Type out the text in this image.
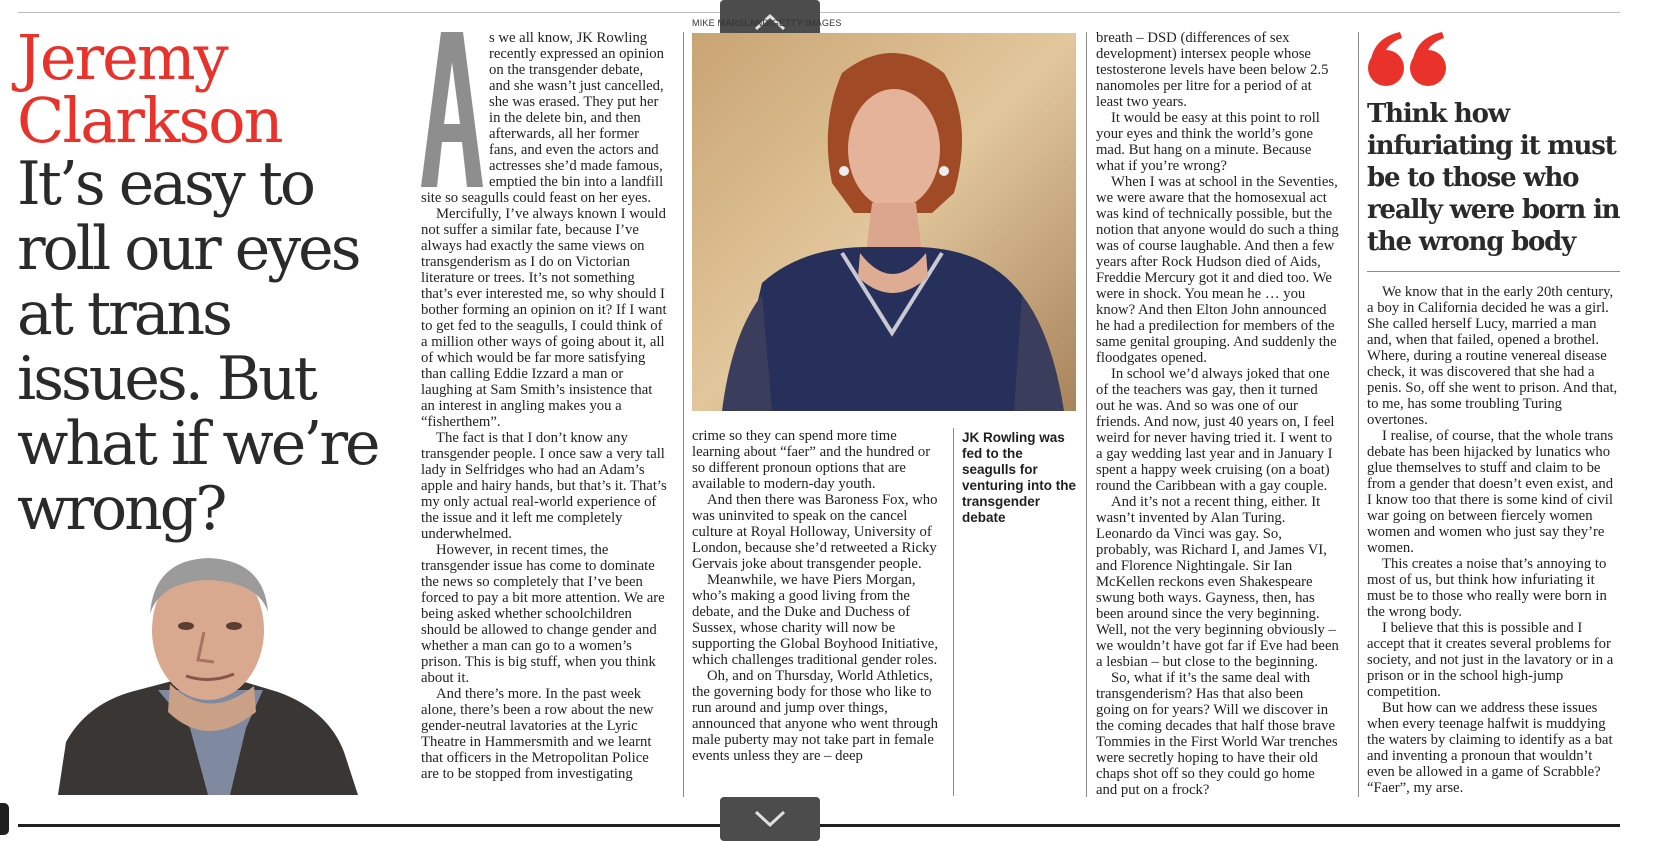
Jeremy
Clarkson
It’s easy to roll our eyes at trans issues. But what if we’re wrong?

s we all know, JK Rowling recently expressed an opinion on the transgender debate, and she wasn’t just cancelled, she was erased. They put her in the delete bin, and then afterwards, all her former fans, and even the actors and actresses she’d made famous, emptied the bin into a landfill site so seagulls could feast on her eyes.

Mercifully, I’ve always known I would not suffer a similar fate, because I’ve always had exactly the same views on transgenderism as I do on Victorian literature or trees. It’s not something that’s ever interested me, so why should I bother forming an opinion on it? If I want to get fed to the seagulls, I could think of a million other ways of going about it, all of which would be far more satisfying than calling Eddie Izzard a man or laughing at Sam Smith’s insistence that an interest in angling makes you a “fisherthem”.

The fact is that I don’t know any transgender people. I once saw a very tall lady in Selfridges who had an Adam’s apple and hairy hands, but that’s it. That’s my only actual real-world experience of the issue and it left me completely underwhelmed.

However, in recent times, the transgender issue has come to dominate the news so completely that I’ve been forced to pay a bit more attention. We are being asked whether schoolchildren should be allowed to change gender and whether a man can go to a women’s prison. This is big stuff, when you think about it.

And there’s more. In the past week alone, there’s been a row about the new gender-neutral lavatories at the Lyric Theatre in Hammersmith and we learnt that officers in the Metropolitan Police are to be stopped from investigating

MIKE MARSLAND/GETTY IMAGES

crime so they can spend more time learning about “faer” and the hundred or so different pronoun options that are available to modern-day youth.

And then there was Baroness Fox, who was uninvited to speak on the cancel culture at Royal Holloway, University of London, because she’d retweeted a Ricky Gervais joke about transgender people.

Meanwhile, we have Piers Morgan, who’s making a good living from the debate, and the Duke and Duchess of Sussex, whose charity will now be supporting the Global Boyhood Initiative, which challenges traditional gender roles.

Oh, and on Thursday, World Athletics, the governing body for those who like to run around and jump over things, announced that anyone who went through male puberty may not take part in female events unless they are – deep

JK Rowling was fed to the seagulls for venturing into the transgender debate

breath – DSD (differences of sex development) intersex people whose testosterone levels have been below 2.5 nanomoles per litre for a period of at least two years.

It would be easy at this point to roll your eyes and think the world’s gone mad. But hang on a minute. Because what if you’re wrong?

When I was at school in the Seventies, we were aware that the homosexual act was kind of technically possible, but the notion that anyone would do such a thing was of course laughable. And then a few years after Rock Hudson died of Aids, Freddie Mercury got it and died too. We were in shock. You mean he … you know? And then Elton John announced he had a predilection for members of the same genital grouping. And suddenly the floodgates opened.

In school we’d always joked that one of the teachers was gay, then it turned out he was. And so was one of our friends. And now, just 40 years on, I feel weird for never having tried it. I went to a gay wedding last year and in January I spent a happy week cruising (on a boat) round the Caribbean with a gay couple.

And it’s not a recent thing, either. It wasn’t invented by Alan Turing. Leonardo da Vinci was gay. So, probably, was Richard I, and James VI, and Florence Nightingale. Sir Ian McKellen reckons even Shakespeare swung both ways. Gayness, then, has been around since the very beginning. Well, not the very beginning obviously – we wouldn’t have got far if Eve had been a lesbian – but close to the beginning.

So, what if it’s the same deal with transgenderism? Has that also been going on for years? Will we discover in the coming decades that half those brave Tommies in the First World War trenches were secretly hoping to have their old chaps shot off so they could go home and put on a frock?

Think how infuriating it must be to those who really were born in the wrong body

We know that in the early 20th century, a boy in California decided he was a girl. She called herself Lucy, married a man and, when that failed, opened a brothel. Where, during a routine venereal disease check, it was discovered that she had a penis. So, off she went to prison. And that, to me, has some troubling Turing overtones.

I realise, of course, that the whole trans debate has been hijacked by lunatics who glue themselves to stuff and claim to be from a gender that doesn’t even exist, and I know too that there is some kind of civil war going on between fiercely women women and women who just say they’re women.

This creates a noise that’s annoying to most of us, but think how infuriating it must be to those who really were born in the wrong body.

I believe that this is possible and I accept that it creates several problems for society, and not just in the lavatory or in a prison or in the school high-jump competition.

But how can we address these issues when every teenage halfwit is muddying the waters by claiming to identify as a bat and inventing a pronoun that wouldn’t even be allowed in a game of Scrabble? “Faer”, my arse.
